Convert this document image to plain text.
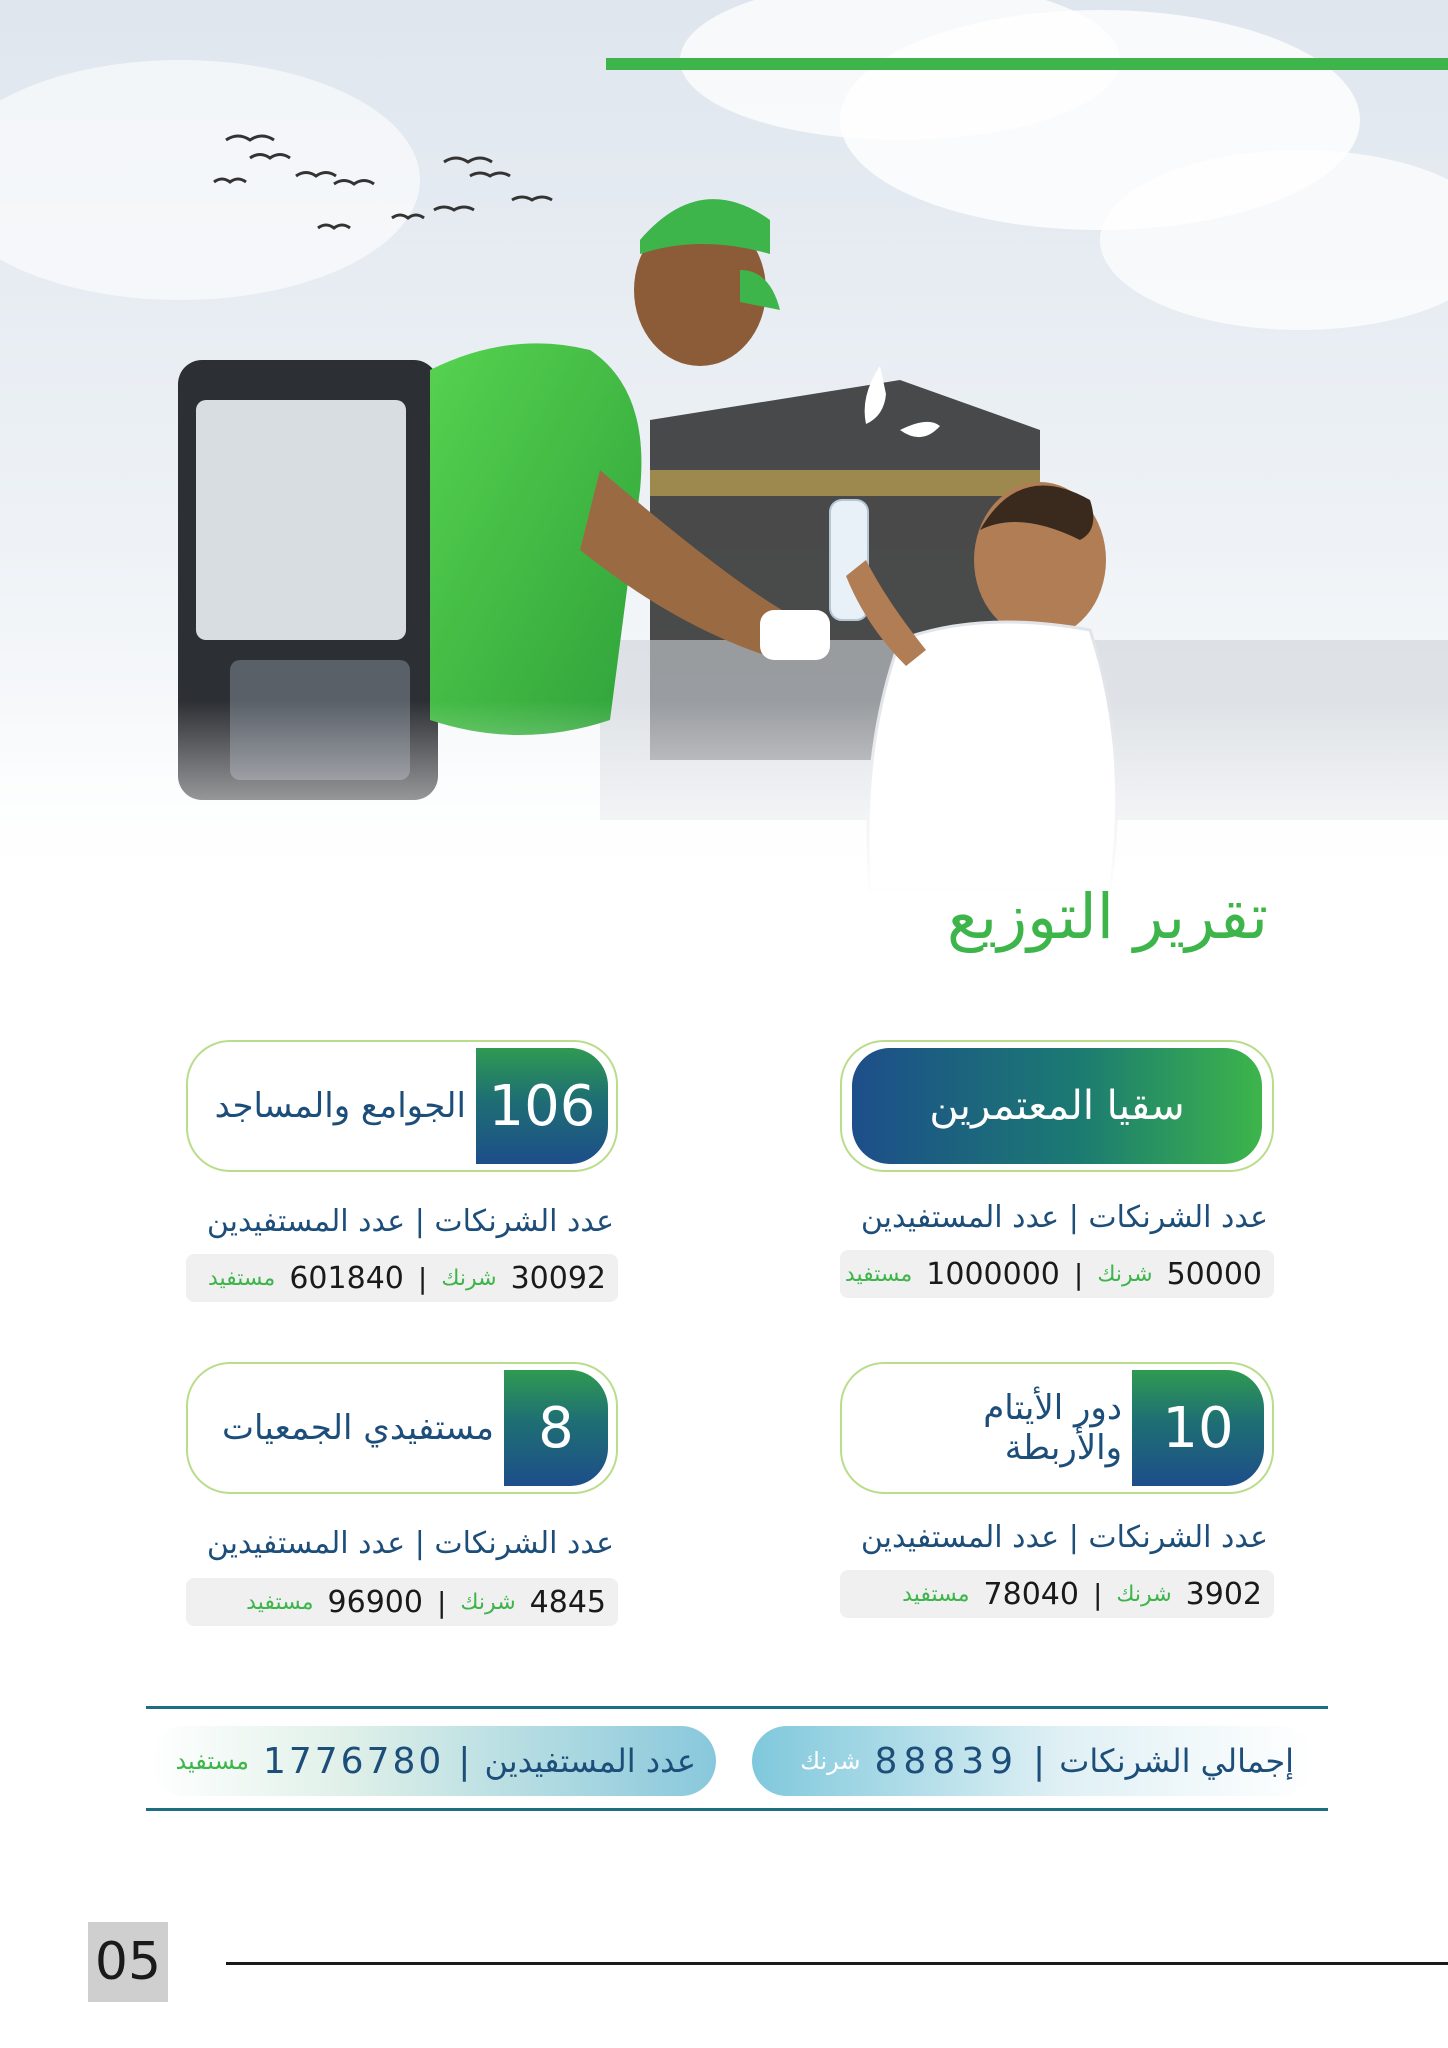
تقرير التوزيع
سقيا المعتمرين
عدد الشرنكات | عدد المستفيدين
50000
شرنك
|
1000000
مستفيد
106
الجوامع والمساجد
عدد الشرنكات | عدد المستفيدين
30092
شرنك
|
601840
مستفيد
10
دور الأيتام والأربطة
عدد الشرنكات | عدد المستفيدين
3902
شرنك
|
78040
مستفيد
8
مستفيدي الجمعيات
عدد الشرنكات | عدد المستفيدين
4845
شرنك
|
96900
مستفيد
إجمالي الشرنكات
|
88839
شرنك
عدد المستفيدين
|
1776780
مستفيد
05
